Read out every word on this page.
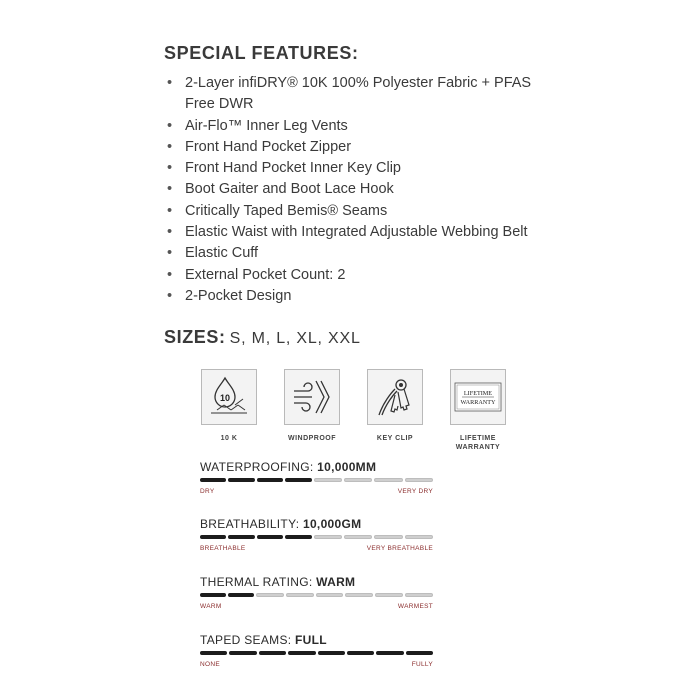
SPECIAL FEATURES:
• 2-Layer infiDRY® 10K 100% Polyester Fabric + PFAS Free DWR
• Air-Flo™ Inner Leg Vents
• Front Hand Pocket Zipper
• Front Hand Pocket Inner Key Clip
• Boot Gaiter and Boot Lace Hook
• Critically Taped Bemis® Seams
• Elastic Waist with Integrated Adjustable Webbing Belt
• Elastic Cuff
• External Pocket Count: 2
• 2-Pocket Design
SIZES: S, M, L, XL, XXL
10
10 K	WINDPROOF	KEY CLIP
LIFETIME
WARRANTY
LIFETIME
WARRANTY
WATERPROOFING: 10,000MM
DRY	VERY DRY
BREATHABILITY: 10,000GM
BREATHABLE	VERY BREATHABLE
THERMAL RATING: WARM
WARM	WARMEST
TAPED SEAMS: FULL
NONE	FULLY
